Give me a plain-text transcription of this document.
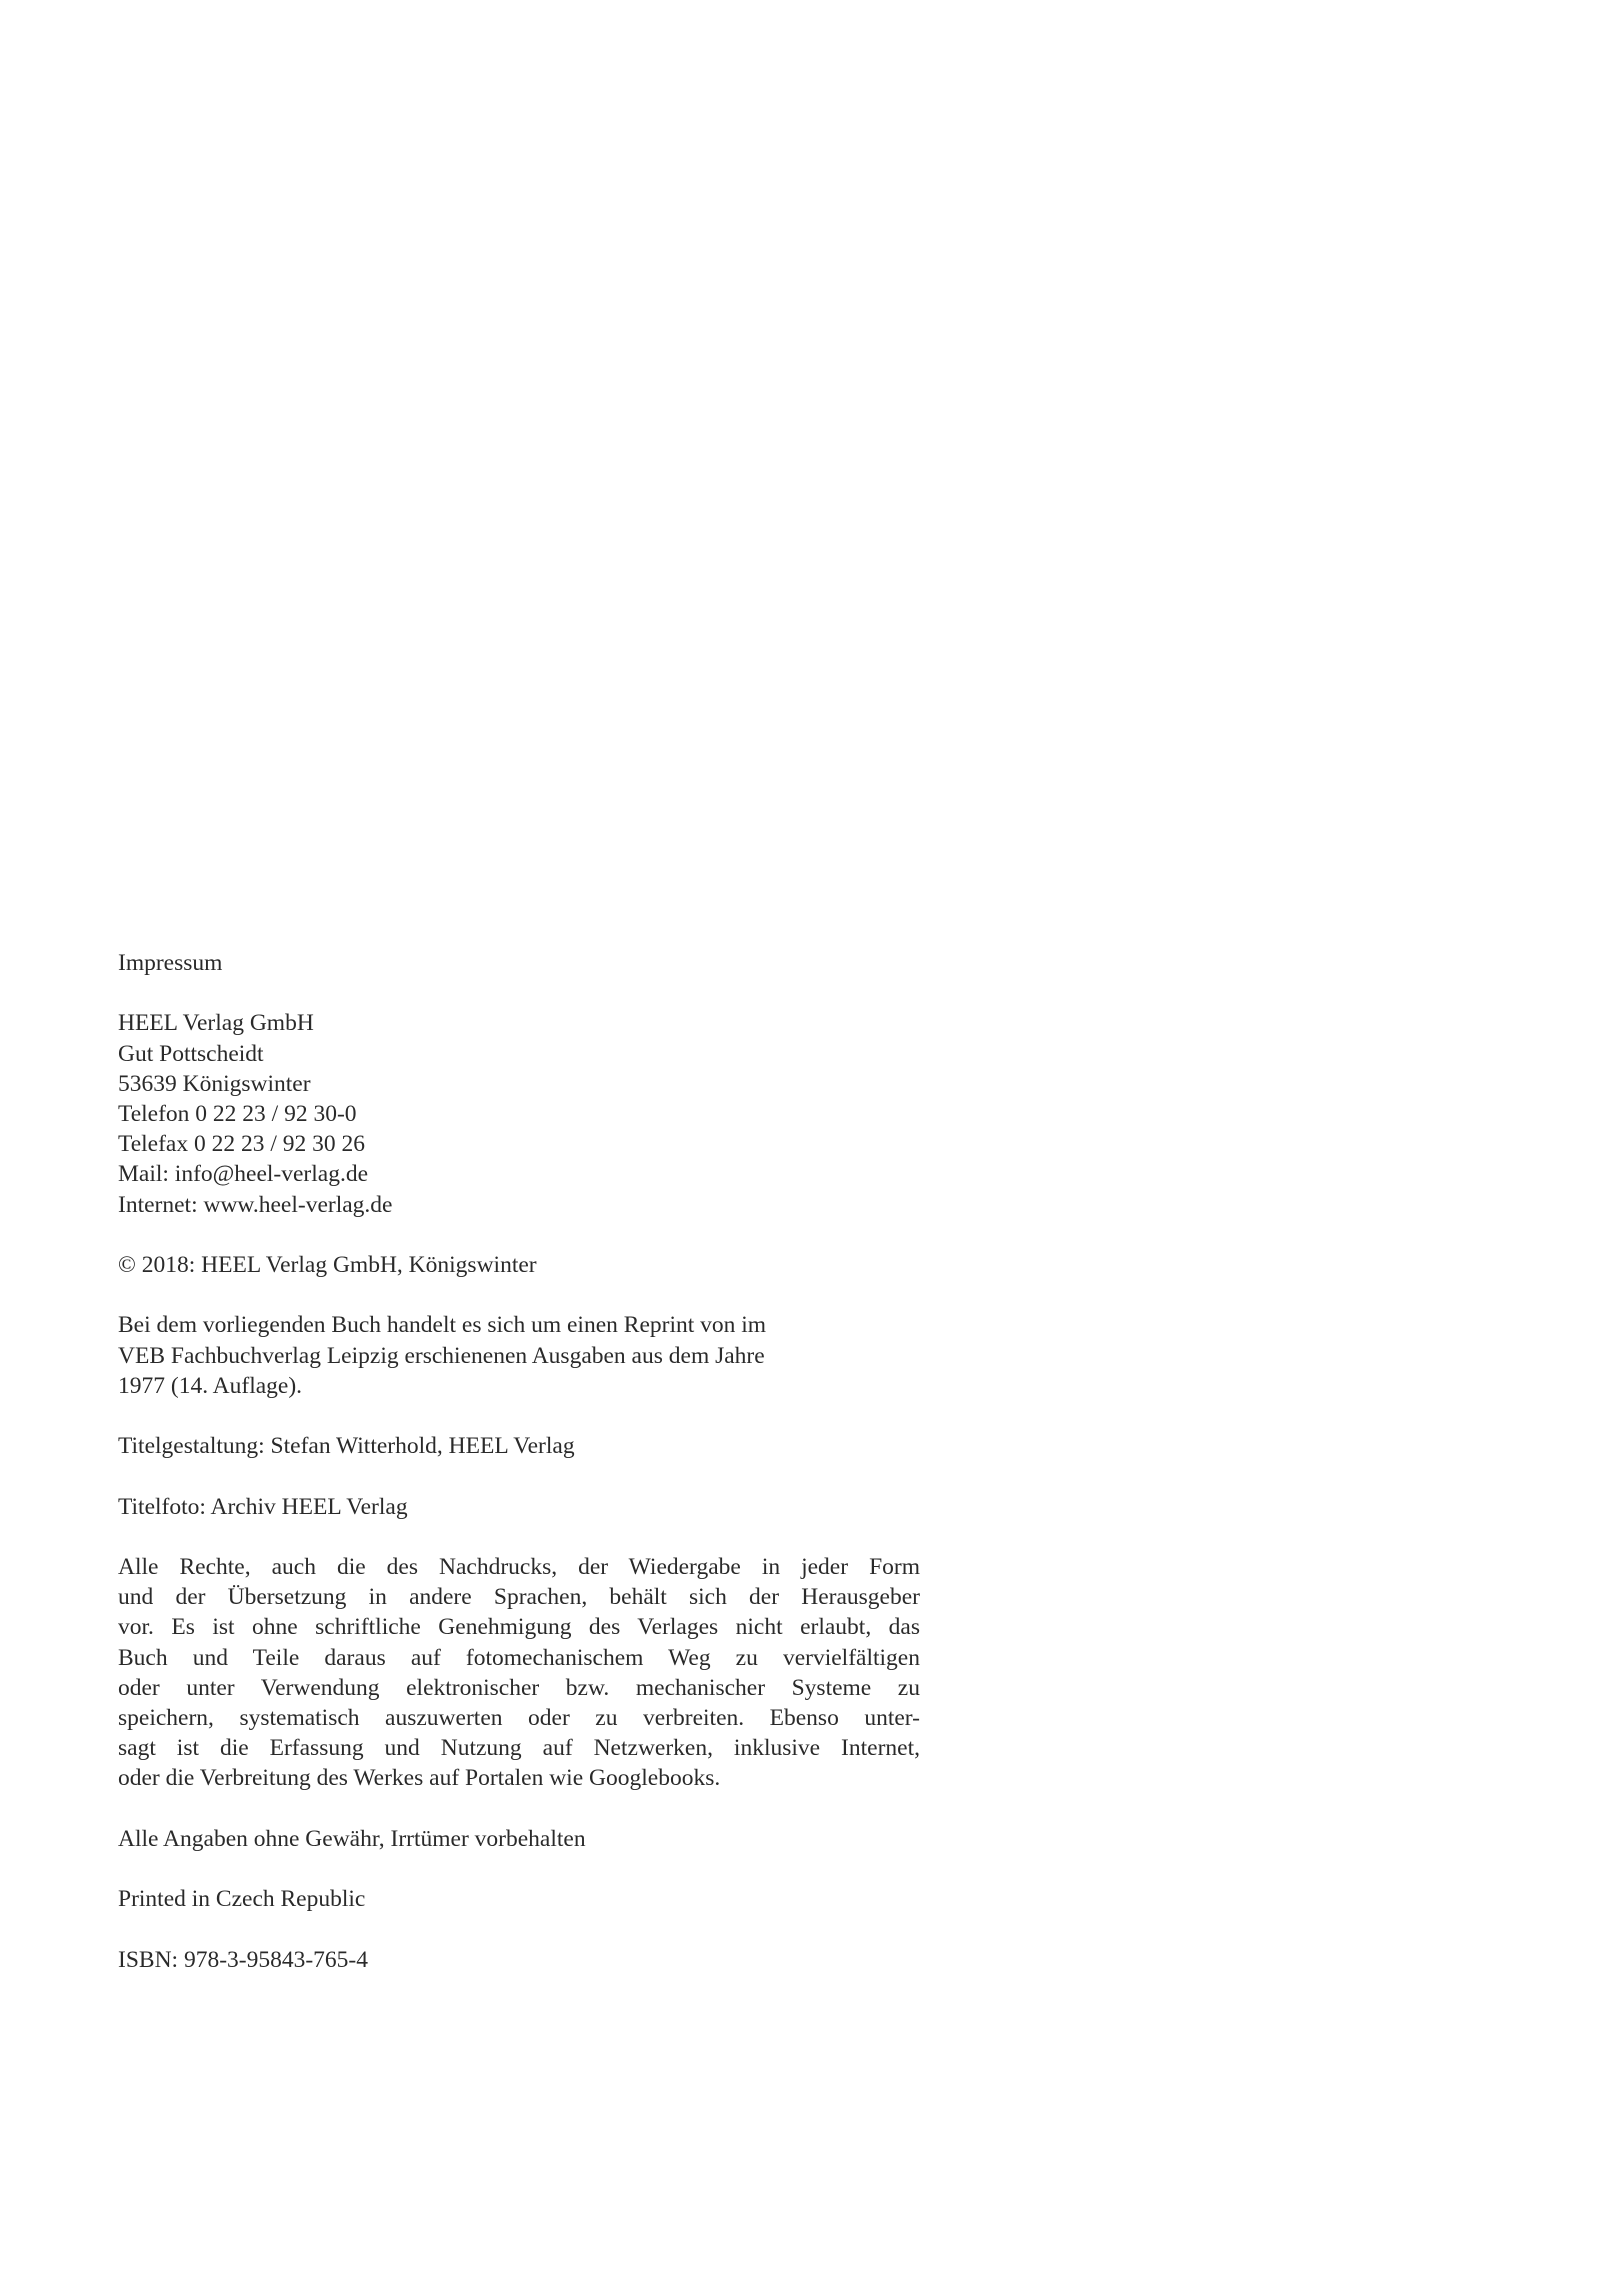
Impressum

HEEL Verlag GmbH
Gut Pottscheidt
53639 Königswinter
Telefon 0 22 23 / 92 30-0
Telefax 0 22 23 / 92 30 26
Mail: info@heel-verlag.de
Internet: www.heel-verlag.de

© 2018: HEEL Verlag GmbH, Königswinter

Bei dem vorliegenden Buch handelt es sich um einen Reprint von im
VEB Fachbuchverlag Leipzig erschienenen Ausgaben aus dem Jahre
1977 (14. Auflage).

Titelgestaltung: Stefan Witterhold, HEEL Verlag

Titelfoto: Archiv HEEL Verlag

Alle Rechte, auch die des Nachdrucks, der Wiedergabe in jeder Form
und der Übersetzung in andere Sprachen, behält sich der Herausgeber
vor. Es ist ohne schriftliche Genehmigung des Verlages nicht erlaubt, das
Buch und Teile daraus auf fotomechanischem Weg zu vervielfältigen
oder unter Verwendung elektronischer bzw. mechanischer Systeme zu
speichern, systematisch auszuwerten oder zu verbreiten. Ebenso unter-
sagt ist die Erfassung und Nutzung auf Netzwerken, inklusive Internet,
oder die Verbreitung des Werkes auf Portalen wie Googlebooks.

Alle Angaben ohne Gewähr, Irrtümer vorbehalten

Printed in Czech Republic

ISBN: 978-3-95843-765-4
